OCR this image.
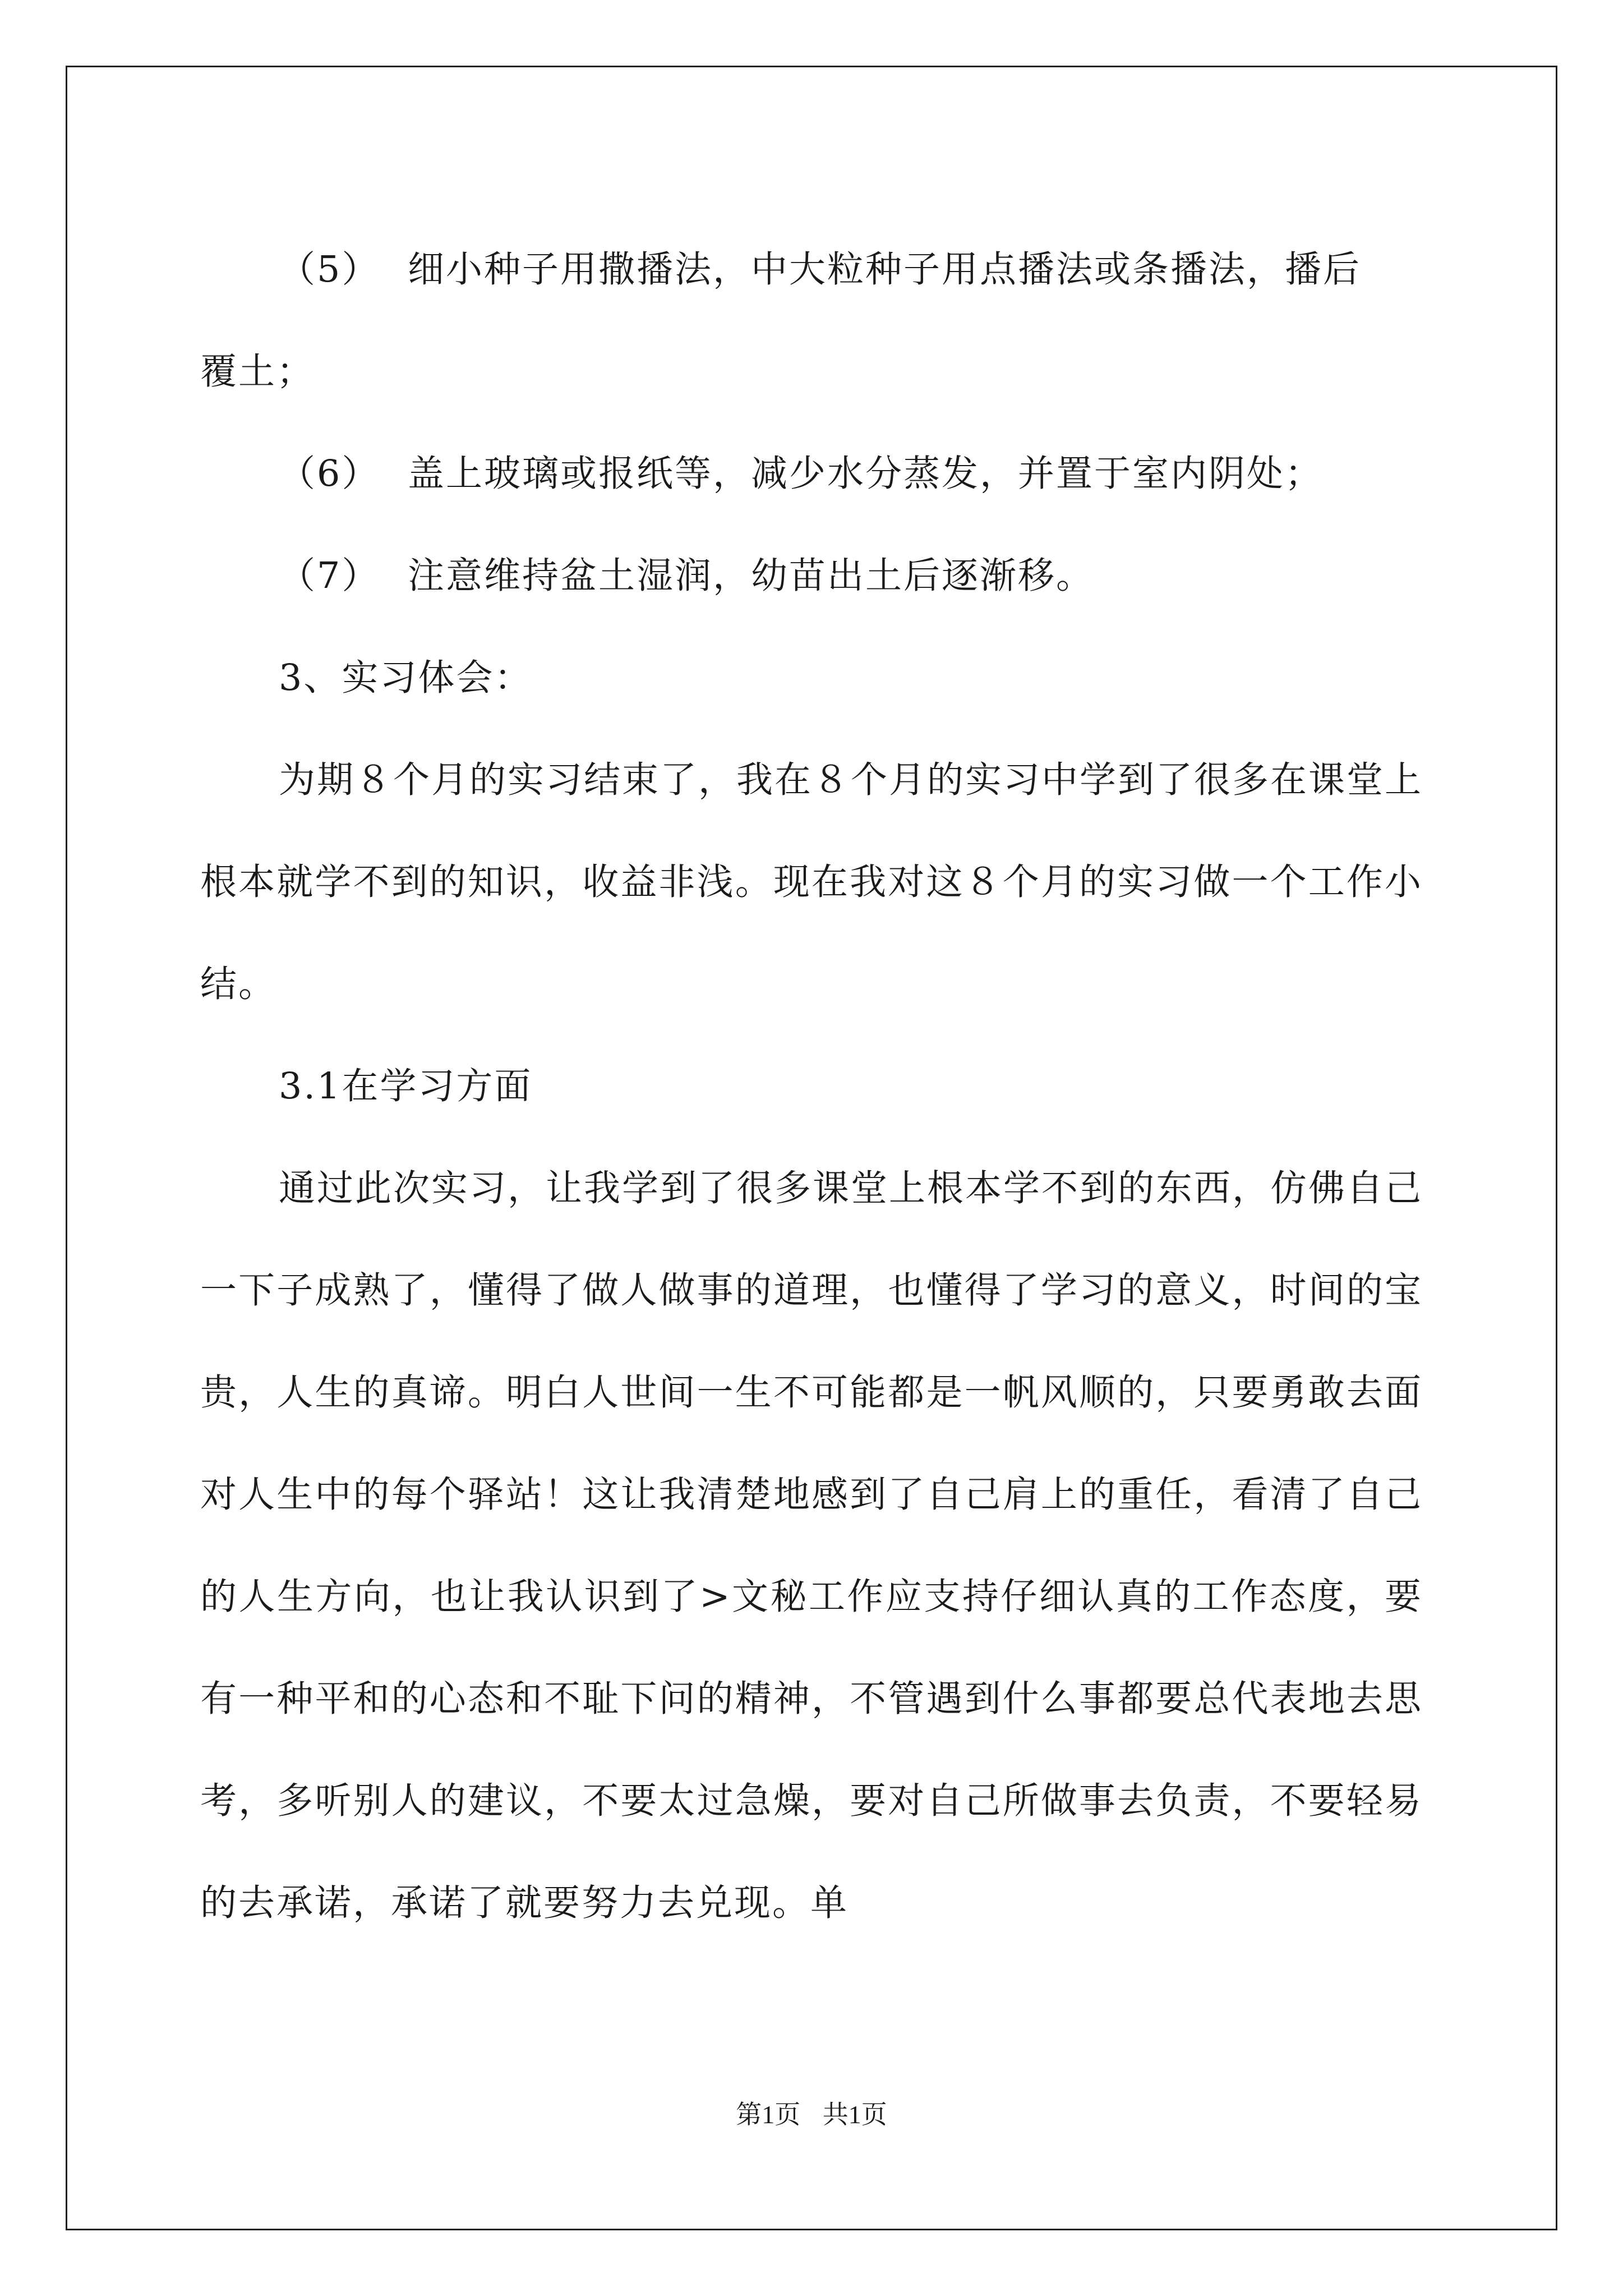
（5） 细小种子用撒播法，中大粒种子用点播法或条播法，播后

覆土；

（6） 盖上玻璃或报纸等，减少水分蒸发，并置于室内阴处；

（7） 注意维持盆土湿润，幼苗出土后逐渐移。

3、实习体会：

为期８个月的实习结束了，我在８个月的实习中学到了很多在课堂上根本就学不到的知识，收益非浅。现在我对这８个月的实习做一个工作小结。

3.1在学习方面

通过此次实习，让我学到了很多课堂上根本学不到的东西，仿佛自己一下子成熟了，懂得了做人做事的道理，也懂得了学习的意义，时间的宝贵，人生的真谛。明白人世间一生不可能都是一帆风顺的，只要勇敢去面对人生中的每个驿站！这让我清楚地感到了自己肩上的重任，看清了自己的人生方向，也让我认识到了>文秘工作应支持仔细认真的工作态度，要有一种平和的心态和不耻下问的精神，不管遇到什么事都要总代表地去思考，多听别人的建议，不要太过急燥，要对自己所做事去负责，不要轻易的去承诺，承诺了就要努力去兑现。单

第1页 共1页
